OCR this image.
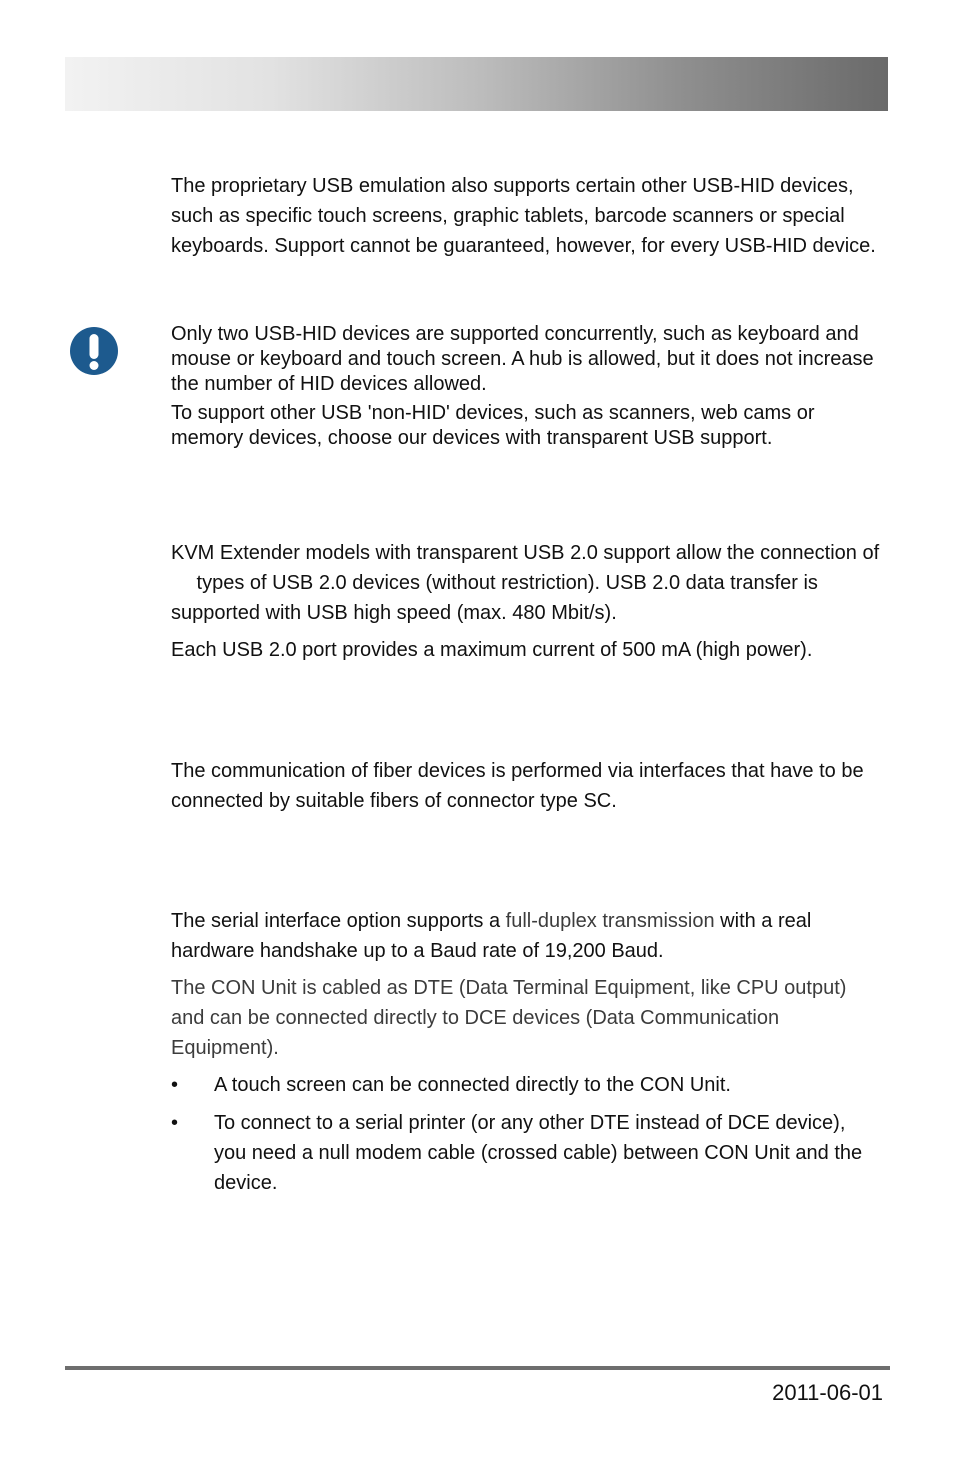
The proprietary USB emulation also supports certain other USB-HID devices, such as specific touch screens, graphic tablets, barcode scanners or special keyboards. Support cannot be guaranteed, however, for every USB-HID device.

Only two USB-HID devices are supported concurrently, such as keyboard and mouse or keyboard and touch screen. A hub is allowed, but it does not increase the number of HID devices allowed.

To support other USB 'non-HID' devices, such as scanners, web cams or memory devices, choose our devices with transparent USB support.

KVM Extender models with transparent USB 2.0 support allow the connection of  types of USB 2.0 devices (without restriction). USB 2.0 data transfer is supported with USB high speed (max. 480 Mbit/s).

Each USB 2.0 port provides a maximum current of 500 mA (high power).

The communication of fiber devices is performed via interfaces that have to be connected by suitable fibers of connector type SC.

The serial interface option supports a full-duplex transmission with a real hardware handshake up to a Baud rate of 19,200 Baud.

The CON Unit is cabled as DTE (Data Terminal Equipment, like CPU output) and can be connected directly to DCE devices (Data Communication Equipment).

• A touch screen can be connected directly to the CON Unit.
• To connect to a serial printer (or any other DTE instead of DCE device), you need a null modem cable (crossed cable) between CON Unit and the device.
2011-06-01
